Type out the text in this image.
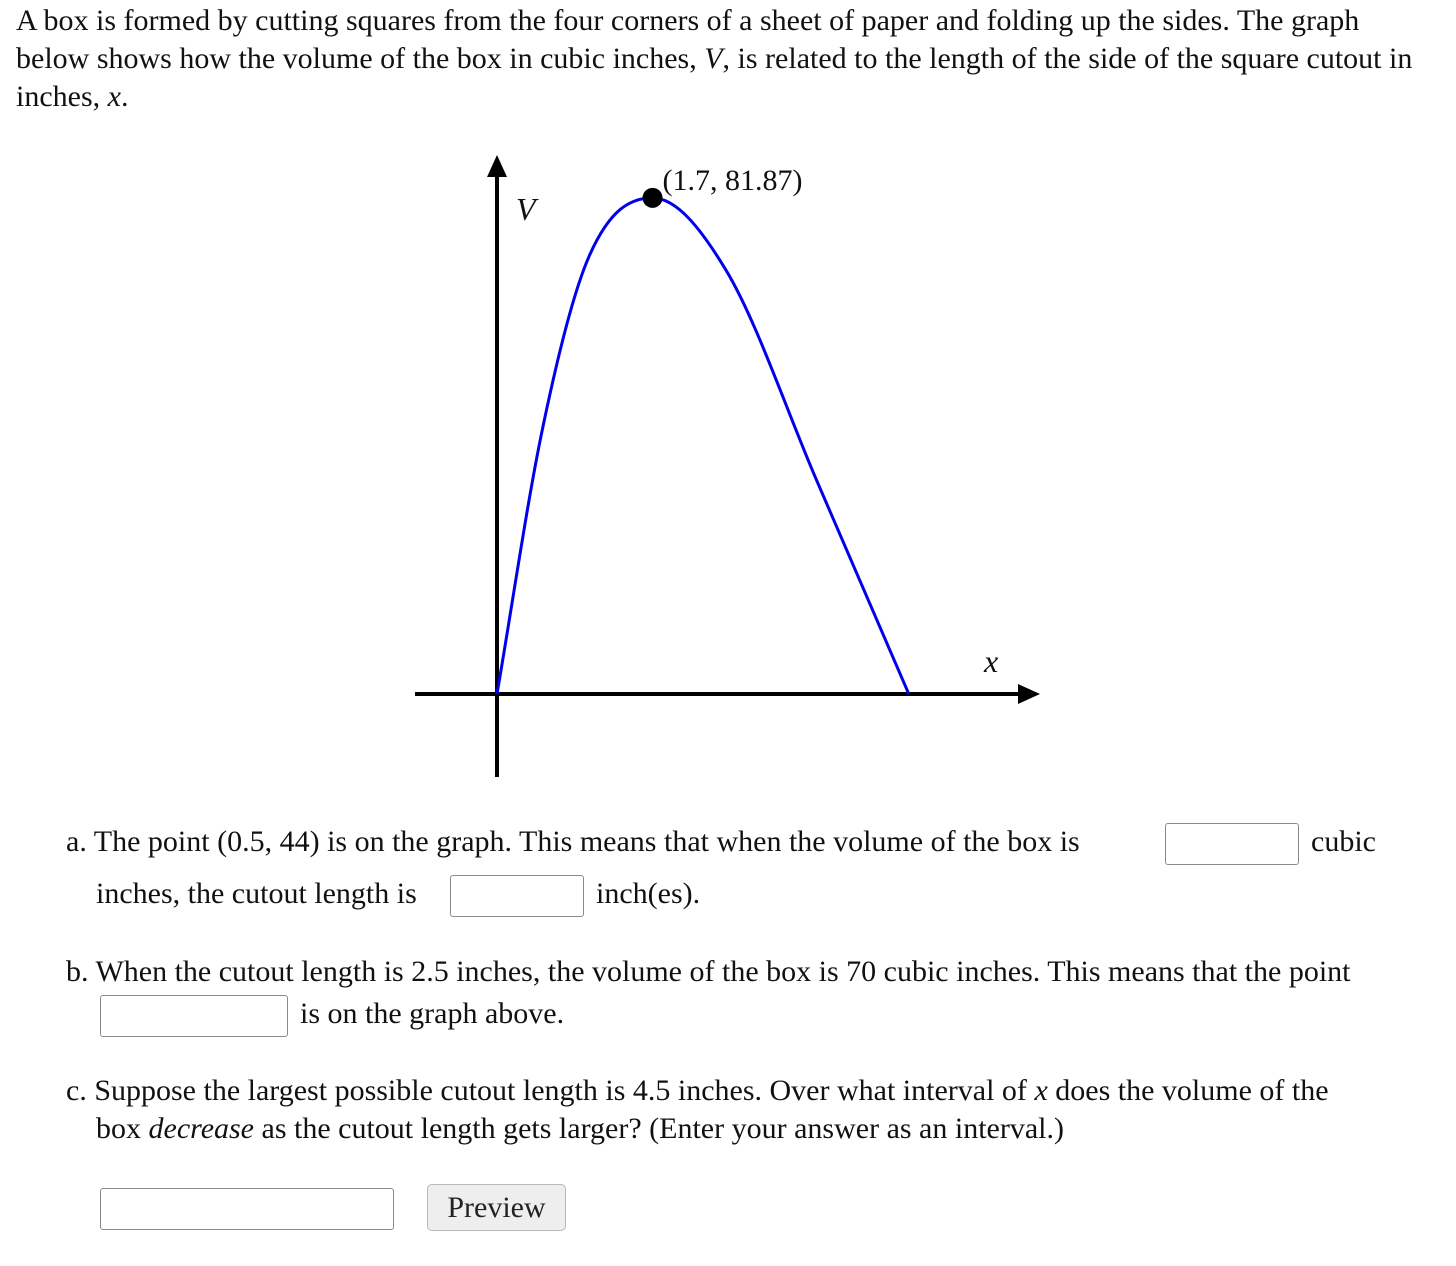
A box is formed by cutting squares from the four corners of a sheet of paper and folding up the sides. The graph below shows how the volume of the box in cubic inches, V, is related to the length of the side of the square cutout in inches, x.
(1.7, 81.87)
V
x
a. The point (0.5, 44) is on the graph. This means that when the volume of the box is	cubic
inches, the cutout length is	inch(es).
b. When the cutout length is 2.5 inches, the volume of the box is 70 cubic inches. This means that the point
is on the graph above.
c. Suppose the largest possible cutout length is 4.5 inches. Over what interval of x does the volume of the
box decrease as the cutout length gets larger? (Enter your answer as an interval.)
Preview
